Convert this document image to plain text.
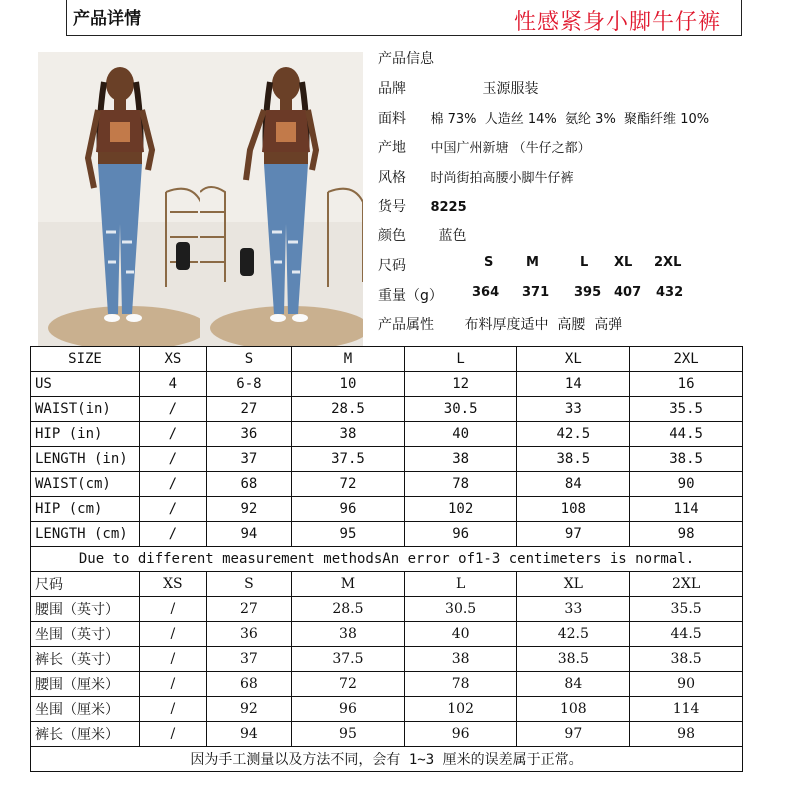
产品详情	性感紧身小脚牛仔裤
产品信息
品牌	玉源服装
面料 棉 73%  人造丝 14%  氨纶 3%  聚酯纤维 10%
产地 中国广州新塘 （牛仔之都）
风格 时尚街拍高腰小脚牛仔裤
货号 8225
颜色 蓝色
尺码	S	M	L XL 2XL
重量（g） 364 371 395 407 432
产品属性 布料厚度适中  高腰  高弹
SIZE	XS	S	M	L	XL	2XL
US	4	6-8	10	12	14	16
WAIST(in)	/	27	28.5	30.5	33	35.5
HIP (in)	/	36	38	40	42.5	44.5
LENGTH (in)	/	37	37.5	38	38.5	38.5
WAIST(cm)	/	68	72	78	84	90
HIP (cm)	/	92	96	102	108	114
LENGTH (cm)	/	94	95	96	97	98
Due to different measurement methodsAn error of1-3 centimeters is normal.						
尺码	XS	S	M	L	XL	2XL
腰围（英寸）	/	27	28.5	30.5	33	35.5
坐围（英寸）	/	36	38	40	42.5	44.5
裤长（英寸）	/	37	37.5	38	38.5	38.5
腰围（厘米）	/	68	72	78	84	90
坐围（厘米）	/	92	96	102	108	114
裤长（厘米）	/	94	95	96	97	98
因为手工测量以及方法不同，会有 1~3 厘米的误差属于正常。						
